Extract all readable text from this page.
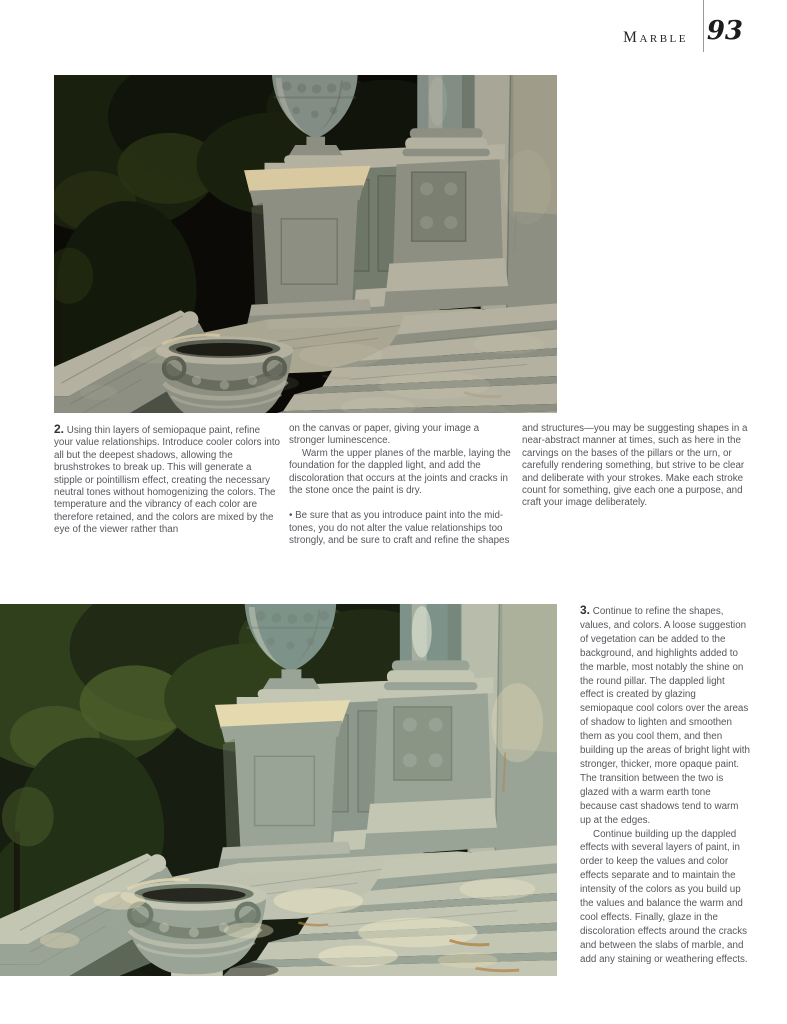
Marble 93

2. Using thin layers of semiopaque paint, refine your value relationships. Introduce cooler colors into all but the deepest shadows, allowing the brushstrokes to break up. This will generate a stipple or pointillism effect, creating the necessary neutral tones without homogenizing the colors. The temperature and the vibrancy of each color are therefore retained, and the colors are mixed by the eye of the viewer rather than

on the canvas or paper, giving your image a stronger luminescence.

Warm the upper planes of the marble, laying the foundation for the dappled light, and add the discoloration that occurs at the joints and cracks in the stone once the paint is dry.

• Be sure that as you introduce paint into the mid-tones, you do not alter the value relationships too strongly, and be sure to craft and refine the shapes

and structures—you may be suggesting shapes in a near-abstract manner at times, such as here in the carvings on the bases of the pillars or the urn, or carefully rendering something, but strive to be clear and deliberate with your strokes. Make each stroke count for something, give each one a purpose, and craft your image deliberately.

3. Continue to refine the shapes, values, and colors. A loose suggestion of vegetation can be added to the background, and highlights added to the marble, most notably the shine on the round pillar. The dappled light effect is created by glazing semiopaque cool colors over the areas of shadow to lighten and smoothen them as you cool them, and then building up the areas of bright light with stronger, thicker, more opaque paint. The transition between the two is glazed with a warm earth tone because cast shadows tend to warm up at the edges.

Continue building up the dappled effects with several layers of paint, in order to keep the values and color effects separate and to maintain the intensity of the colors as you build up the values and balance the warm and cool effects. Finally, glaze in the discoloration effects around the cracks and between the slabs of marble, and add any staining or weathering effects.
